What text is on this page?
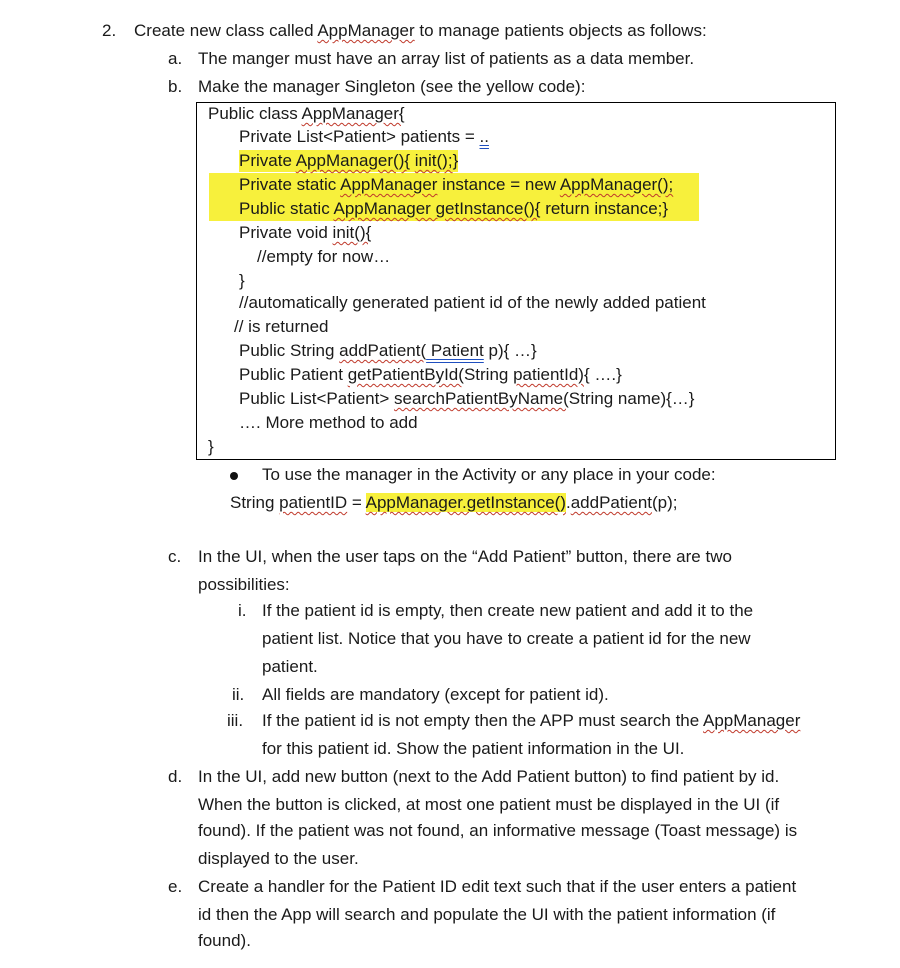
2. Create new class called AppManager to manage patients objects as follows:
a. The manger must have an array list of patients as a data member.
b. Make the manager Singleton (see the yellow code):
Public class AppManager{
Private List<Patient> patients = ..
Private AppManager(){ init();}
Private static AppManager instance = new AppManager();
Public static AppManager getInstance(){ return instance;}
Private void init(){
//empty for now…
}
//automatically generated patient id of the newly added patient
// is returned
Public String addPatient( Patient p){ …}
Public Patient getPatientById(String patientId){ ….}
Public List<Patient> searchPatientByName(String name){…}
…. More method to add
}
To use the manager in the Activity or any place in your code:
String patientID = AppManager.getInstance().addPatient(p);
c. In the UI, when the user taps on the “Add Patient” button, there are two
possibilities:
i. If the patient id is empty, then create new patient and add it to the
patient list. Notice that you have to create a patient id for the new
patient.
ii. All fields are mandatory (except for patient id).
iii. If the patient id is not empty then the APP must search the AppManager
for this patient id. Show the patient information in the UI.
d. In the UI, add new button (next to the Add Patient button) to find patient by id.
When the button is clicked, at most one patient must be displayed in the UI (if
found). If the patient was not found, an informative message (Toast message) is
displayed to the user.
e. Create a handler for the Patient ID edit text such that if the user enters a patient
id then the App will search and populate the UI with the patient information (if
found).
